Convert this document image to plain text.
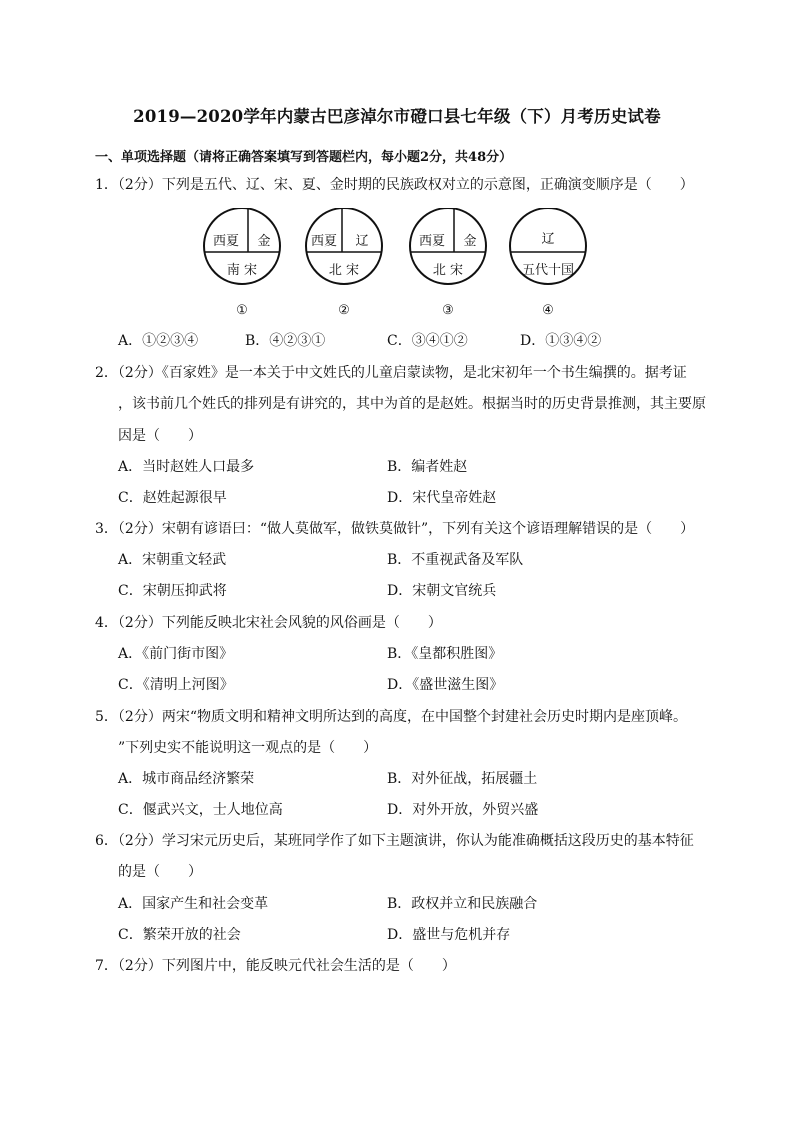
2019—2020学年内蒙古巴彦淖尔市磴口县七年级（下）月考历史试卷
一、单项选择题（请将正确答案填写到答题栏内，每小题2分，共48分）
1．（2分）下列是五代、辽、宋、夏、金时期的民族政权对立的示意图，正确演变顺序是（　　）
西夏 金
南 宋
①
西夏 辽
北 宋
②
西夏 金
北 宋
③
辽
五代十国
④
A．①②③④	B．④②③①	C．③④①②	D．①③④②
2．（2分）《百家姓》是一本关于中文姓氏的儿童启蒙读物，是北宋初年一个书生编撰的。据考证
，该书前几个姓氏的排列是有讲究的，其中为首的是赵姓。根据当时的历史背景推测，其主要原
因是（　　）
A．当时赵姓人口最多	B．编者姓赵
C．赵姓起源很早	D．宋代皇帝姓赵
3．（2分）宋朝有谚语曰：“做人莫做军，做铁莫做针”，下列有关这个谚语理解错误的是（　　）
A．宋朝重文轻武	B．不重视武备及军队
C．宋朝压抑武将	D．宋朝文官统兵
4．（2分）下列能反映北宋社会风貌的风俗画是（　　）
A．《前门街市图》	B．《皇都积胜图》
C．《清明上河图》	D．《盛世滋生图》
5．（2分）两宋“物质文明和精神文明所达到的高度，在中国整个封建社会历史时期内是座顶峰。
”下列史实不能说明这一观点的是（　　）
A．城市商品经济繁荣	B．对外征战，拓展疆土
C．偃武兴文，士人地位高	D．对外开放，外贸兴盛
6．（2分）学习宋元历史后，某班同学作了如下主题演讲，你认为能准确概括这段历史的基本特征
的是（　　）
A．国家产生和社会变革	B．政权并立和民族融合
C．繁荣开放的社会	D．盛世与危机并存
7．（2分）下列图片中，能反映元代社会生活的是（　　）
